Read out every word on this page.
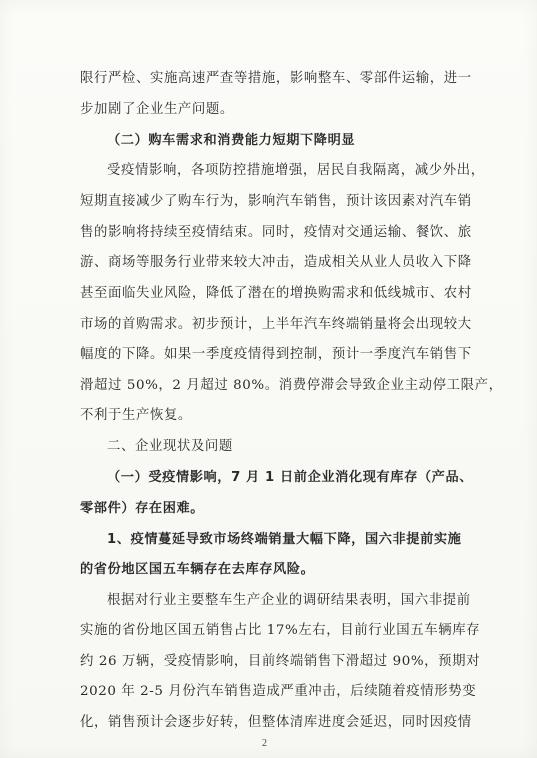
限行严检、实施高速严查等措施，影响整车、零部件运输，进一
步加剧了企业生产问题。
（二）购车需求和消费能力短期下降明显
受疫情影响，各项防控措施增强，居民自我隔离，减少外出，
短期直接减少了购车行为，影响汽车销售，预计该因素对汽车销
售的影响将持续至疫情结束。同时，疫情对交通运输、餐饮、旅
游、商场等服务行业带来较大冲击，造成相关从业人员收入下降
甚至面临失业风险，降低了潜在的增换购需求和低线城市、农村
市场的首购需求。初步预计，上半年汽车终端销量将会出现较大
幅度的下降。如果一季度疫情得到控制，预计一季度汽车销售下
滑超过 50%，2 月超过 80%。消费停滞会导致企业主动停工限产，
不利于生产恢复。
二、企业现状及问题
（一）受疫情影响，7 月 1 日前企业消化现有库存（产品、
零部件）存在困难。
1、疫情蔓延导致市场终端销量大幅下降，国六非提前实施
的省份地区国五车辆存在去库存风险。
根据对行业主要整车生产企业的调研结果表明，国六非提前
实施的省份地区国五销售占比 17%左右，目前行业国五车辆库存
约 26 万辆，受疫情影响，目前终端销售下滑超过 90%，预期对
2020 年 2-5 月份汽车销售造成严重冲击，后续随着疫情形势变
化，销售预计会逐步好转，但整体清库进度会延迟，同时因疫情
2
